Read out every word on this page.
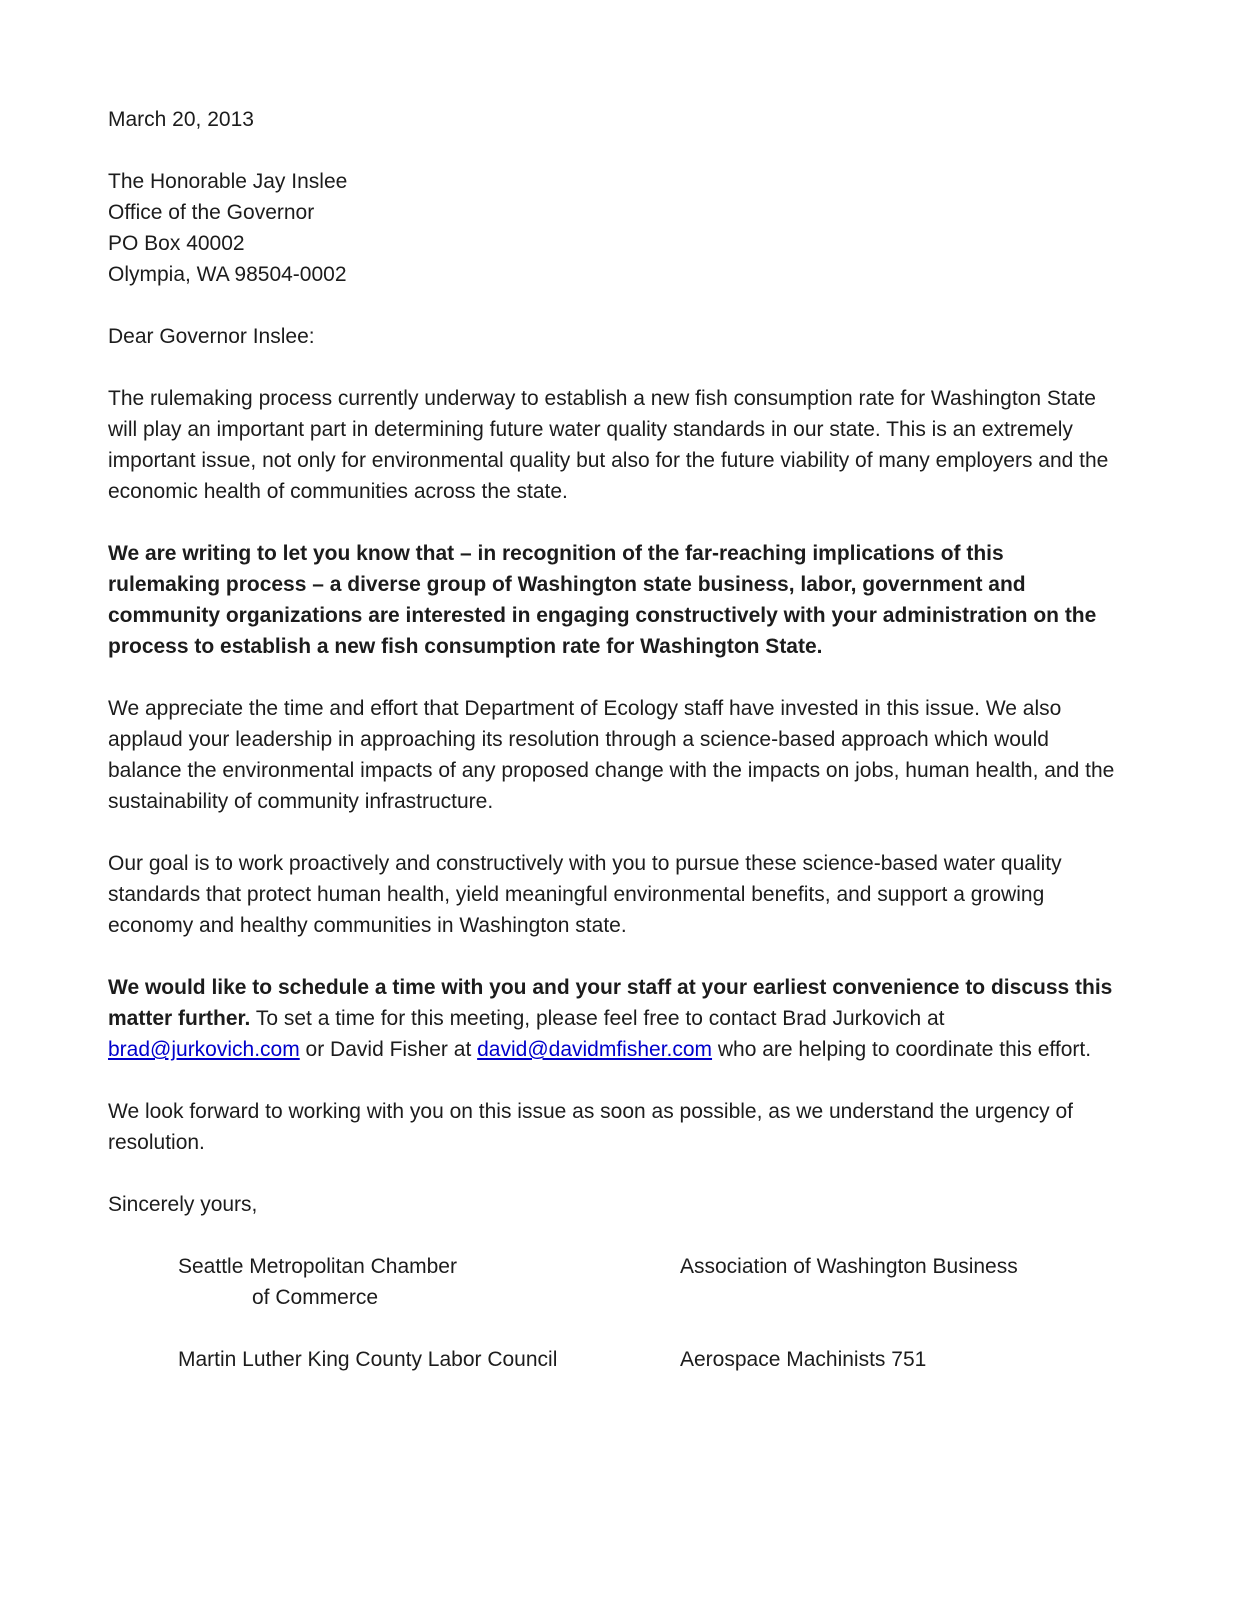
March 20, 2013
The Honorable Jay Inslee
Office of the Governor
PO Box 40002
Olympia, WA 98504-0002
Dear Governor Inslee:
The rulemaking process currently underway to establish a new fish consumption rate for Washington State will play an important part in determining future water quality standards in our state. This is an extremely important issue, not only for environmental quality but also for the future viability of many employers and the economic health of communities across the state.
We are writing to let you know that – in recognition of the far-reaching implications of this rulemaking process – a diverse group of Washington state business, labor, government and community organizations are interested in engaging constructively with your administration on the process to establish a new fish consumption rate for Washington State.
We appreciate the time and effort that Department of Ecology staff have invested in this issue. We also applaud your leadership in approaching its resolution through a science-based approach which would balance the environmental impacts of any proposed change with the impacts on jobs, human health, and the sustainability of community infrastructure.
Our goal is to work proactively and constructively with you to pursue these science-based water quality standards that protect human health, yield meaningful environmental benefits, and support a growing economy and healthy communities in Washington state.
We would like to schedule a time with you and your staff at your earliest convenience to discuss this matter further. To set a time for this meeting, please feel free to contact Brad Jurkovich at brad@jurkovich.com or David Fisher at david@davidmfisher.com who are helping to coordinate this effort.
We look forward to working with you on this issue as soon as possible, as we understand the urgency of resolution.
Sincerely yours,
Seattle Metropolitan Chamber
of Commerce
Association of Washington Business
Martin Luther King County Labor Council	Aerospace Machinists 751
